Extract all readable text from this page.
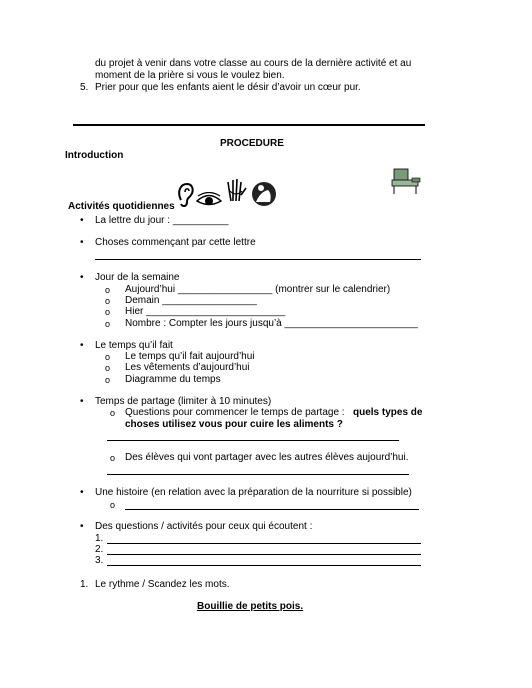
du projet à venir dans votre classe au cours de la dernière activité et au
moment de la prière si vous le voulez bien.
5. Prier pour que les enfants aient le désir d’avoir un cœur pur.
PROCEDURE
Introduction
Activités quotidiennes
• La lettre du jour : __________
• Choses commençant par cette lettre
• Jour de la semaine
o Aujourd’hui _________________ (montrer sur le calendrier)
o Demain _________________
o Hier _________________________
o Nombre : Compter les jours jusqu’à ________________________
• Le temps qu’il fait
o Le temps qu’il fait aujourd’hui
o Les vêtements d’aujourd’hui
o Diagramme du temps
• Temps de partage (limiter à 10 minutes)
o Questions pour commencer le temps de partage : quels types de
choses utilisez vous pour cuire les aliments ?
o Des élèves qui vont partager avec les autres élèves aujourd’hui.
• Une histoire (en relation avec la préparation de la nourriture si possible)
o
• Des questions / activités pour ceux qui écoutent :
1.
2.
3.
1. Le rythme / Scandez les mots.
Bouillie de petits pois.
